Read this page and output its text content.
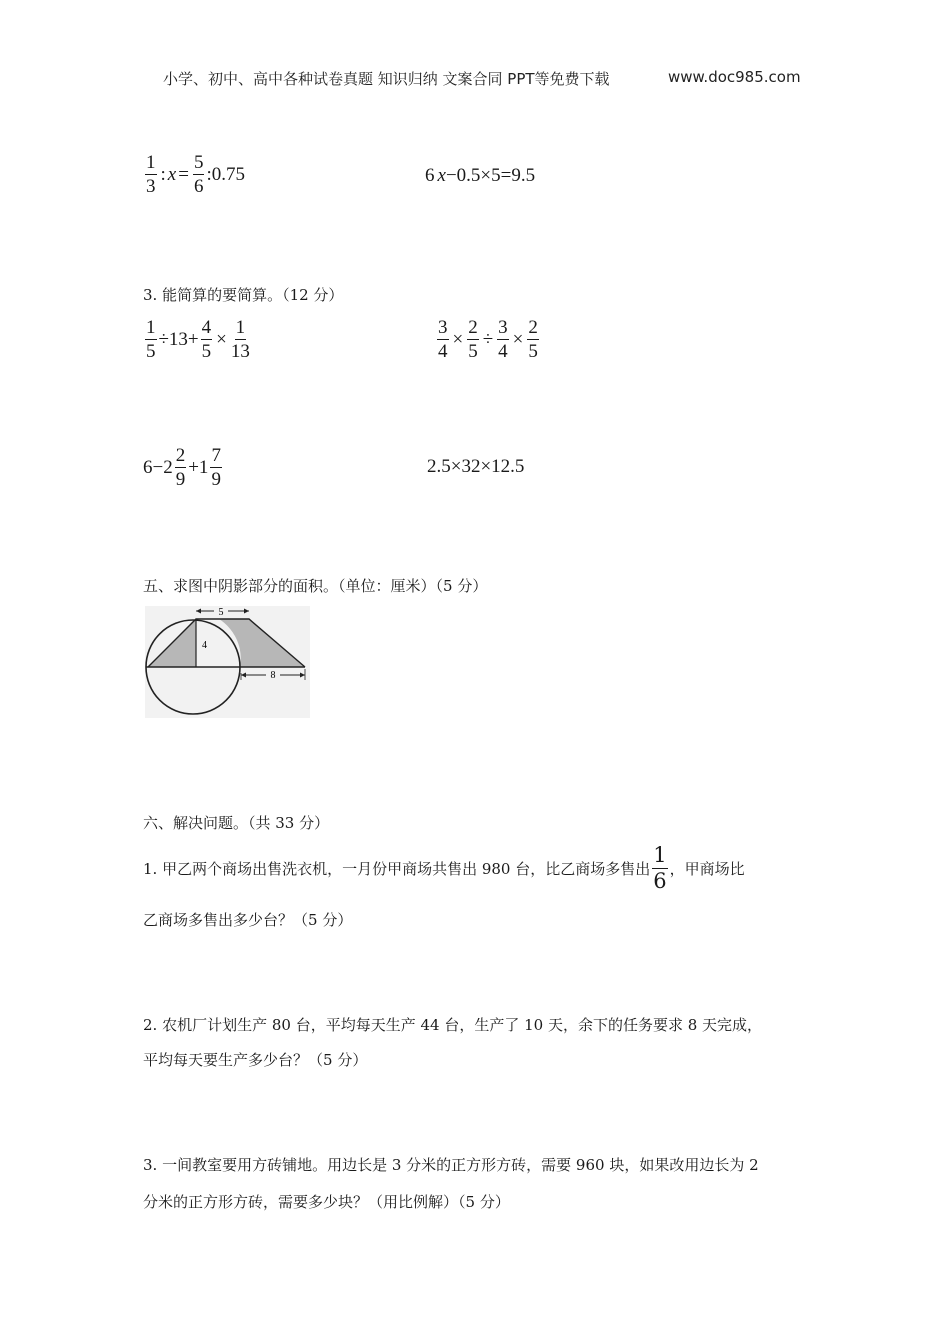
小学、初中、高中各种试卷真题 知识归纳 文案合同 PPT等免费下载	www.doc985.com
$\frac{1}{3}$ : $x = \frac{5}{6}$ :0.75	6 x −0.5×5=9.5
3. 能简算的要简算。（12 分）
$\frac{1}{5} \div 13+ \frac{4}{5} \times \frac{1}{13}$	$\frac{3}{4} \times \frac{2}{5} \div \frac{3}{4} \times \frac{2}{5}$
$6-2 \frac{2}{9} +1 \frac{7}{9}$	2.5×32×12.5
五、求图中阴影部分的面积。（单位：厘米）（5 分）
5
4
8
六、解决问题。（共 33 分）
1. 甲乙两个商场出售洗衣机，一月份甲商场共售出 980 台，比乙商场多售出 $\frac{1}{6}$ ，甲商场比
乙商场多售出多少台？（5 分）
2. 农机厂计划生产 80 台，平均每天生产 44 台，生产了 10 天，余下的任务要求 8 天完成，
平均每天要生产多少台？（5 分）
3. 一间教室要用方砖铺地。用边长是 3 分米的正方形方砖，需要 960 块，如果改用边长为 2
分米的正方形方砖，需要多少块？（用比例解）（5 分）
